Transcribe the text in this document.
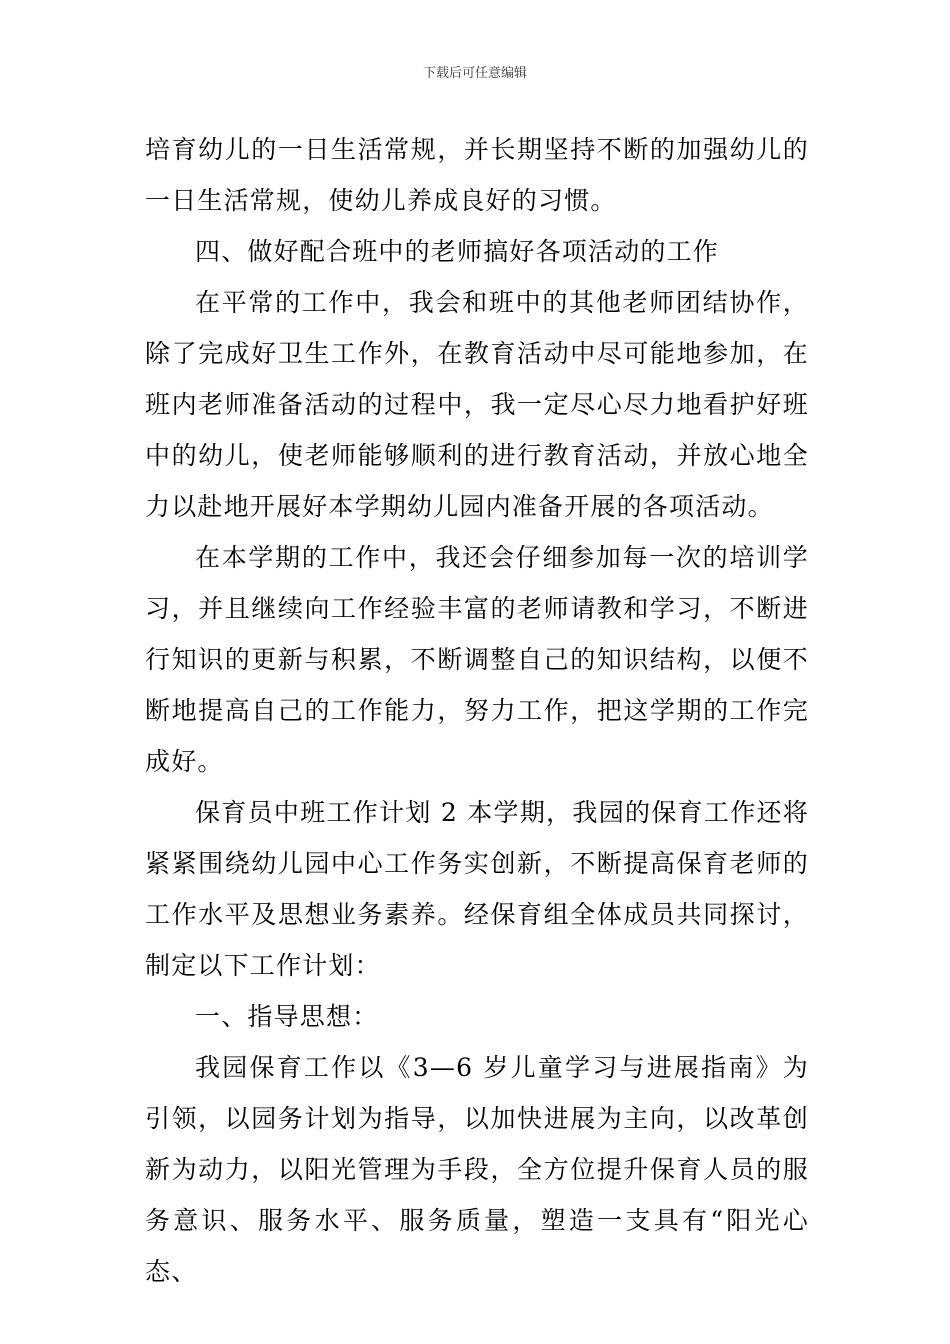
下载后可任意编辑

培育幼儿的一日生活常规，并长期坚持不断的加强幼儿的一日生活常规，使幼儿养成良好的习惯。

四、做好配合班中的老师搞好各项活动的工作

在平常的工作中，我会和班中的其他老师团结协作，除了完成好卫生工作外，在教育活动中尽可能地参加，在班内老师准备活动的过程中，我一定尽心尽力地看护好班中的幼儿，使老师能够顺利的进行教育活动，并放心地全力以赴地开展好本学期幼儿园内准备开展的各项活动。

在本学期的工作中，我还会仔细参加每一次的培训学习，并且继续向工作经验丰富的老师请教和学习，不断进行知识的更新与积累，不断调整自己的知识结构，以便不断地提高自己的工作能力，努力工作，把这学期的工作完成好。

保育员中班工作计划 2 本学期，我园的保育工作还将紧紧围绕幼儿园中心工作务实创新，不断提高保育老师的工作水平及思想业务素养。经保育组全体成员共同探讨，制定以下工作计划：

一、指导思想：

我园保育工作以《3—6 岁儿童学习与进展指南》为引领，以园务计划为指导，以加快进展为主向，以改革创新为动力，以阳光管理为手段，全方位提升保育人员的服务意识、服务水平、服务质量，塑造一支具有“阳光心态、
